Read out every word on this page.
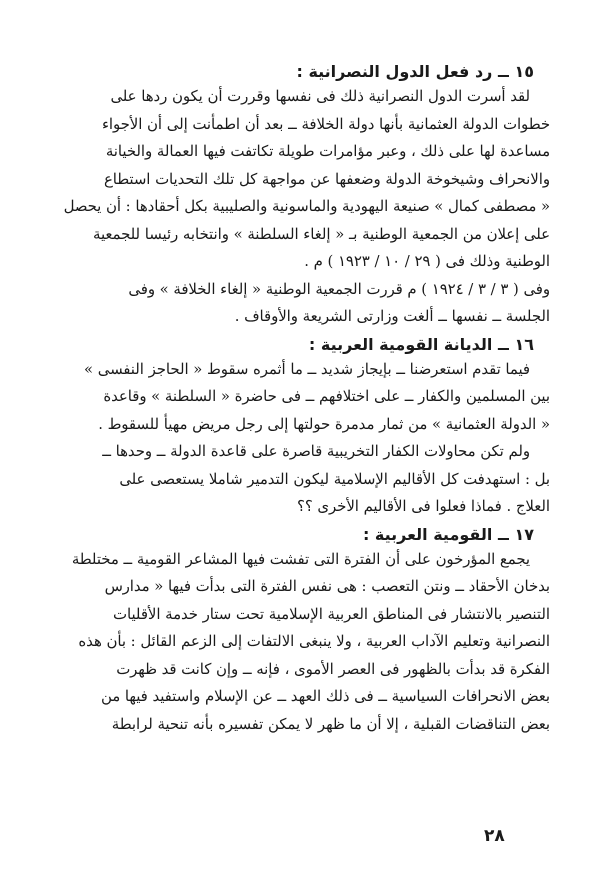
١٥ ــ رد فعل الدول النصرانية :

لقد أسرت الدول النصرانية ذلك فى نفسها وقررت أن يكون ردها على
خطوات الدولة العثمانية بأنها دولة الخلافة ــ بعد أن اطمأنت إلى أن الأجواء
مساعدة لها على ذلك ، وعبر مؤامرات طويلة تكاتفت فيها العمالة والخيانة
والانحراف وشيخوخة الدولة وضعفها عن مواجهة كل تلك التحديات استطاع
« مصطفى كمال » صنيعة اليهودية والماسونية والصليبية بكل أحقادها : أن يحصل
على إعلان من الجمعية الوطنية بـ « إلغاء السلطنة » وانتخابه رئيسا للجمعية
الوطنية وذلك فى ( ٢٩ / ١٠ / ١٩٢٣ ) م .

وفى ( ٣ / ٣ / ١٩٢٤ ) م قررت الجمعية الوطنية « إلغاء الخلافة » وفى
الجلسة ــ نفسها ــ ألغت وزارتى الشريعة والأوقاف .

١٦ ــ الديانة القومية العربية :

فيما تقدم استعرضنا ــ بإيجاز شديد ــ ما أثمره سقوط « الحاجز النفسى »
بين المسلمين والكفار ــ على اختلافهم ــ فى حاضرة « السلطنة » وقاعدة
« الدولة العثمانية » من ثمار مدمرة حولتها إلى رجل مريض مهيأ للسقوط .

ولم تكن محاولات الكفار التخريبية قاصرة على قاعدة الدولة ــ وحدها ــ
بل : استهدفت كل الأقاليم الإسلامية ليكون التدمير شاملا يستعصى على
العلاج . فماذا فعلوا فى الأقاليم الأخرى ؟؟

١٧ ــ القومية العربية :

يجمع المؤرخون على أن الفترة التى تفشت فيها المشاعر القومية ــ مختلطة
بدخان الأحقاد ــ ونتن التعصب : هى نفس الفترة التى بدأت فيها « مدارس
التنصير بالانتشار فى المناطق العربية الإسلامية تحت ستار خدمة الأقليات
النصرانية وتعليم الآداب العربية ، ولا ينبغى الالتفات إلى الزعم القائل : بأن هذه
الفكرة قد بدأت بالظهور فى العصر الأموى ، فإنه ــ وإن كانت قد ظهرت
بعض الانحرافات السياسية ــ فى ذلك العهد ــ عن الإسلام واستفيد فيها من
بعض التناقضات القبلية ، إلا أن ما ظهر لا يمكن تفسيره بأنه تنحية لرابطة

٢٨
